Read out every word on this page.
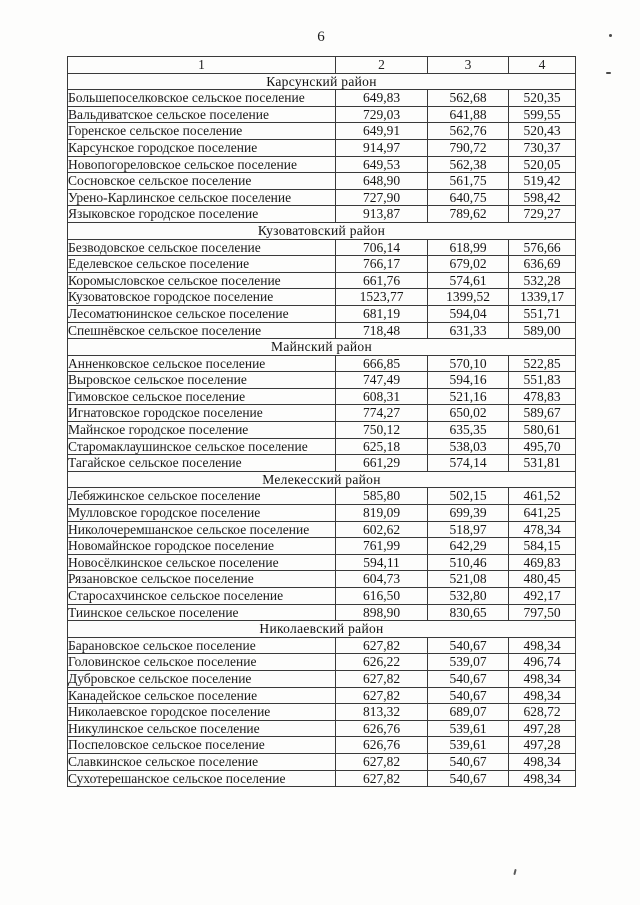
6
1	2	3	4
Карсунский район			
Большепоселковское сельское поселение	649,83	562,68	520,35
Вальдиватское сельское поселение	729,03	641,88	599,55
Горенское сельское поселение	649,91	562,76	520,43
Карсунское городское поселение	914,97	790,72	730,37
Новопогореловское сельское поселение	649,53	562,38	520,05
Сосновское сельское поселение	648,90	561,75	519,42
Урено-Карлинское сельское поселение	727,90	640,75	598,42
Языковское городское поселение	913,87	789,62	729,27
Кузоватовский район			
Безводовское сельское поселение	706,14	618,99	576,66
Еделевское сельское поселение	766,17	679,02	636,69
Коромысловское сельское поселение	661,76	574,61	532,28
Кузоватовское городское поселение	1523,77	1399,52	1339,17
Лесоматюнинское сельское поселение	681,19	594,04	551,71
Спешнёвское сельское поселение	718,48	631,33	589,00
Майнский район			
Анненковское сельское поселение	666,85	570,10	522,85
Выровское сельское поселение	747,49	594,16	551,83
Гимовское сельское поселение	608,31	521,16	478,83
Игнатовское городское поселение	774,27	650,02	589,67
Майнское городское поселение	750,12	635,35	580,61
Старомаклаушинское сельское поселение	625,18	538,03	495,70
Тагайское сельское поселение	661,29	574,14	531,81
Мелекесский район			
Лебяжинское сельское поселение	585,80	502,15	461,52
Мулловское городское поселение	819,09	699,39	641,25
Николочеремшанское сельское поселение	602,62	518,97	478,34
Новомайнское городское поселение	761,99	642,29	584,15
Новосёлкинское сельское поселение	594,11	510,46	469,83
Рязановское сельское поселение	604,73	521,08	480,45
Старосахчинское сельское поселение	616,50	532,80	492,17
Тиинское сельское поселение	898,90	830,65	797,50
Николаевский район			
Барановское сельское поселение	627,82	540,67	498,34
Головинское сельское поселение	626,22	539,07	496,74
Дубровское сельское поселение	627,82	540,67	498,34
Канадейское сельское поселение	627,82	540,67	498,34
Николаевское городское поселение	813,32	689,07	628,72
Никулинское сельское поселение	626,76	539,61	497,28
Поспеловское сельское поселение	626,76	539,61	497,28
Славкинское сельское поселение	627,82	540,67	498,34
Сухотерешанское сельское поселение	627,82	540,67	498,34
